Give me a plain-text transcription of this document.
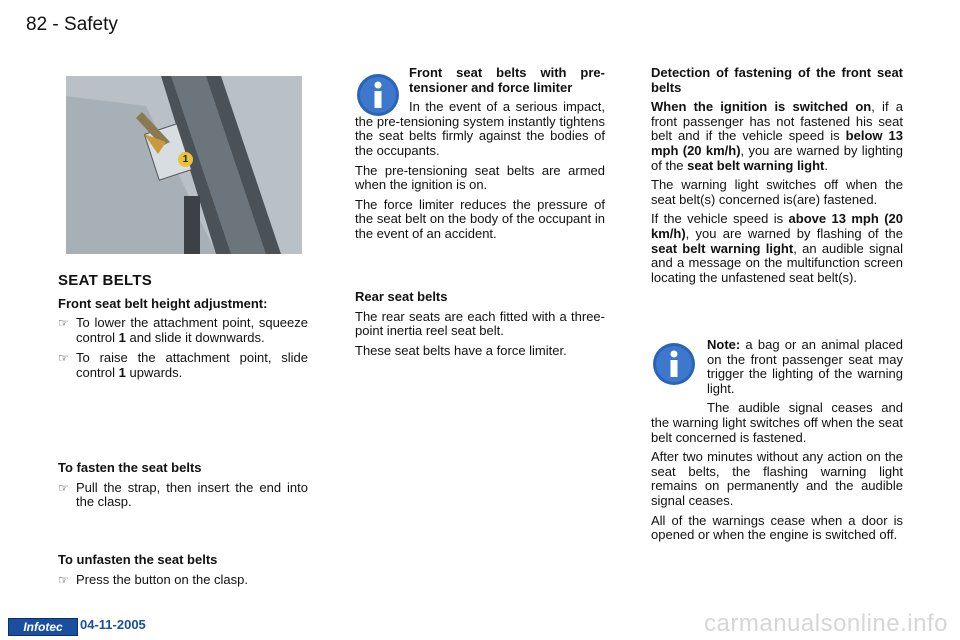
82 - Safety
1
SEAT BELTS

Front seat belt height adjustment:

☞ To lower the attachment point, squeeze control 1 and slide it downwards.
☞ To raise the attachment point, slide control 1 upwards.

To fasten the seat belts

☞ Pull the strap, then insert the end into the clasp.

To unfasten the seat belts

☞ Press the button on the clasp.

Front seat belts with pre-tensioner and force limiter

In the event of a serious impact, the pre-tensioning system instantly tightens the seat belts firmly against the bodies of the occupants.

The pre-tensioning seat belts are armed when the ignition is on.

The force limiter reduces the pressure of the seat belt on the body of the occupant in the event of an accident.

Rear seat belts

The rear seats are each fitted with a three-point inertia reel seat belt.

These seat belts have a force limiter.

Detection of fastening of the front seat belts

When the ignition is switched on, if a front passenger has not fastened his seat belt and if the vehicle speed is below 13 mph (20 km/h), you are warned by lighting of the seat belt warning light.

The warning light switches off when the seat belt(s) concerned is(are) fastened.

If the vehicle speed is above 13 mph (20 km/h), you are warned by flashing of the seat belt warning light, an audible signal and a message on the multifunction screen locating the unfastened seat belt(s).

Note: a bag or an animal placed on the front passenger seat may trigger the lighting of the warning light.

The audible signal ceases and the warning light switches off when the seat belt concerned is fastened.

After two minutes without any action on the seat belts, the flashing warning light remains on permanently and the audible signal ceases.

All of the warnings cease when a door is opened or when the engine is switched off.

Infotec	04-11-2005	carmanualsonline.info
